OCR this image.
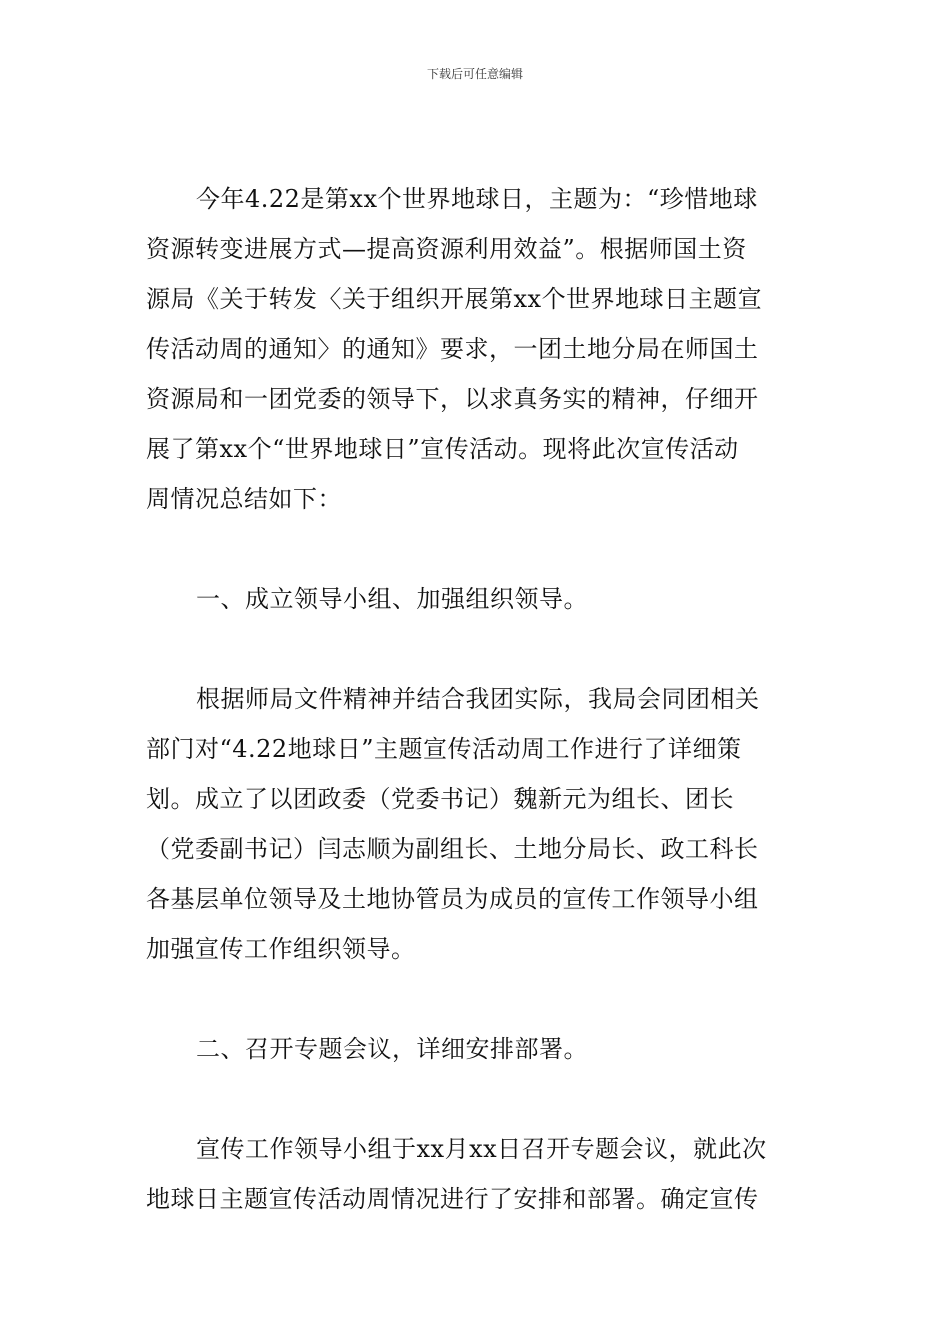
下载后可任意编辑
今年4.22是第xx个世界地球日，主题为：“珍惜地球
资源转变进展方式—提高资源利用效益”。根据师国土资
源局《关于转发〈关于组织开展第xx个世界地球日主题宣
传活动周的通知〉的通知》要求，一团土地分局在师国土
资源局和一团党委的领导下，以求真务实的精神，仔细开
展了第xx个“世界地球日”宣传活动。现将此次宣传活动
周情况总结如下：
一、成立领导小组、加强组织领导。
根据师局文件精神并结合我团实际，我局会同团相关
部门对“4.22地球日”主题宣传活动周工作进行了详细策
划。成立了以团政委（党委书记）魏新元为组长、团长
（党委副书记）闫志顺为副组长、土地分局长、政工科长
各基层单位领导及土地协管员为成员的宣传工作领导小组
加强宣传工作组织领导。
二、召开专题会议，详细安排部署。
宣传工作领导小组于xx月xx日召开专题会议，就此次
地球日主题宣传活动周情况进行了安排和部署。确定宣传
